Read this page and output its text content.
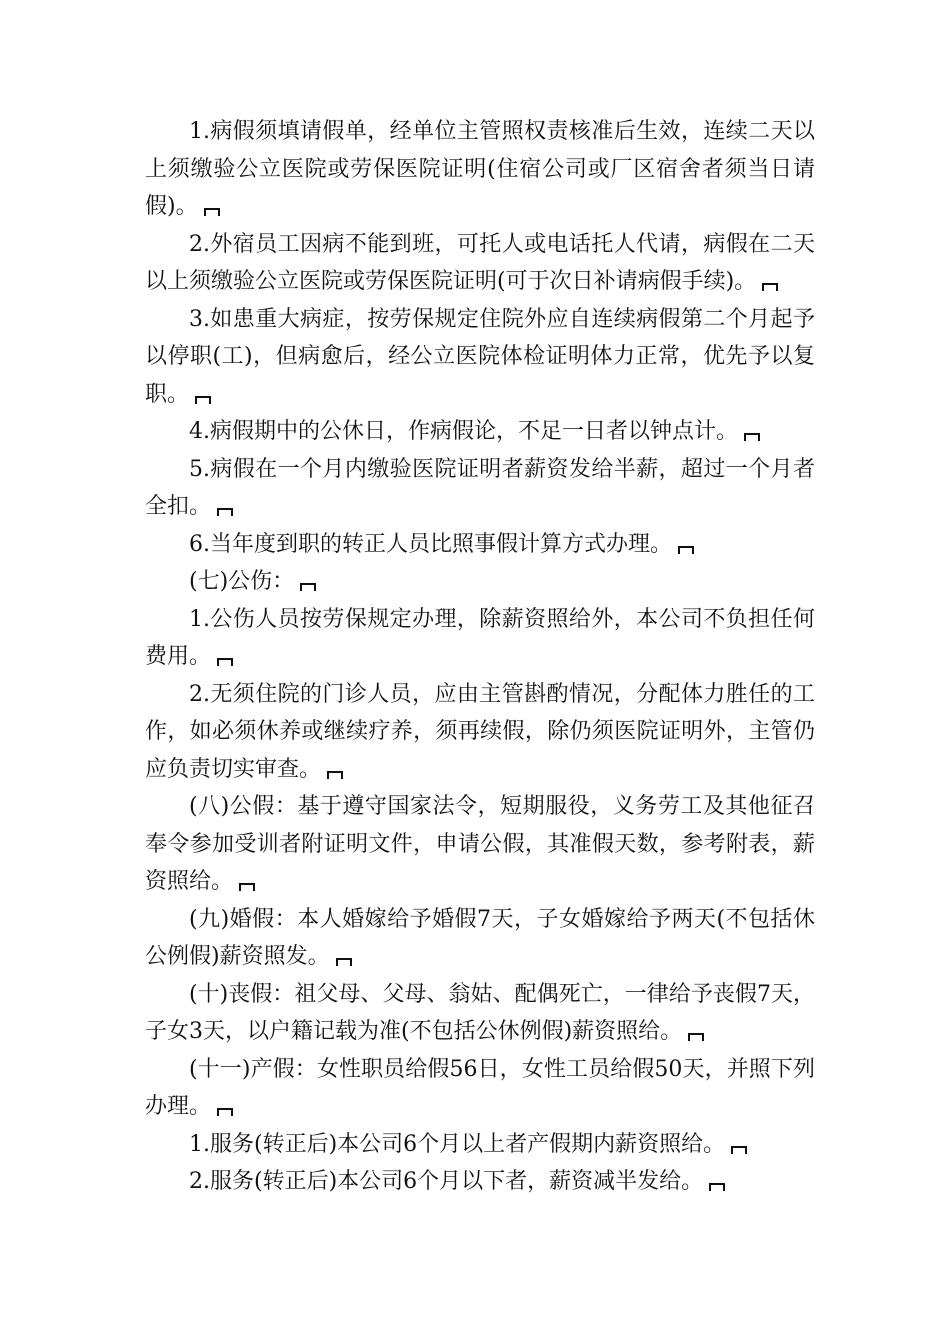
1.病假须填请假单，经单位主管照权责核准后生效，连续二天以上须缴验公立医院或劳保医院证明(住宿公司或厂区宿舍者须当日请假)。

2.外宿员工因病不能到班，可托人或电话托人代请，病假在二天以上须缴验公立医院或劳保医院证明(可于次日补请病假手续)。

3.如患重大病症，按劳保规定住院外应自连续病假第二个月起予以停职(工)，但病愈后，经公立医院体检证明体力正常，优先予以复职。

4.病假期中的公休日，作病假论，不足一日者以钟点计。

5.病假在一个月内缴验医院证明者薪资发给半薪，超过一个月者全扣。

6.当年度到职的转正人员比照事假计算方式办理。

(七)公伤：

1.公伤人员按劳保规定办理，除薪资照给外，本公司不负担任何费用。

2.无须住院的门诊人员，应由主管斟酌情况，分配体力胜任的工作，如必须休养或继续疗养，须再续假，除仍须医院证明外，主管仍应负责切实审查。

(八)公假：基于遵守国家法令，短期服役，义务劳工及其他征召奉令参加受训者附证明文件，申请公假，其准假天数，参考附表，薪资照给。

(九)婚假：本人婚嫁给予婚假7天，子女婚嫁给予两天(不包括休公例假)薪资照发。

(十)丧假：祖父母、父母、翁姑、配偶死亡，一律给予丧假7天，子女3天，以户籍记载为准(不包括公休例假)薪资照给。

(十一)产假：女性职员给假56日，女性工员给假50天，并照下列办理。

1.服务(转正后)本公司6个月以上者产假期内薪资照给。

2.服务(转正后)本公司6个月以下者，薪资减半发给。
